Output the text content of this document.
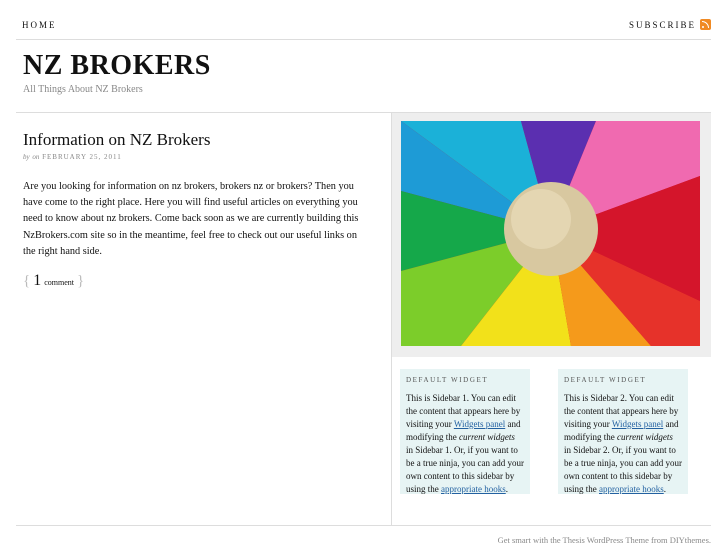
HOME	SUBSCRIBE
NZ BROKERS
All Things About NZ Brokers
Information on NZ Brokers
by on FEBRUARY 25, 2011
Are you looking for information on nz brokers, brokers nz or brokers? Then you have come to the right place. Here you will find useful articles on everything you need to know about nz brokers. Come back soon as we are currently building this NzBrokers.com site so in the meantime, feel free to check out our useful links on the right hand side.
{ 1 comment }
DEFAULT WIDGET
This is Sidebar 1. You can edit the content that appears here by visiting your Widgets panel and modifying the current widgets in Sidebar 1. Or, if you want to be a true ninja, you can add your own content to this sidebar by using the appropriate hooks.
DEFAULT WIDGET
This is Sidebar 2. You can edit the content that appears here by visiting your Widgets panel and modifying the current widgets in Sidebar 2. Or, if you want to be a true ninja, you can add your own content to this sidebar by using the appropriate hooks.
Get smart with the Thesis WordPress Theme from DIYthemes.
